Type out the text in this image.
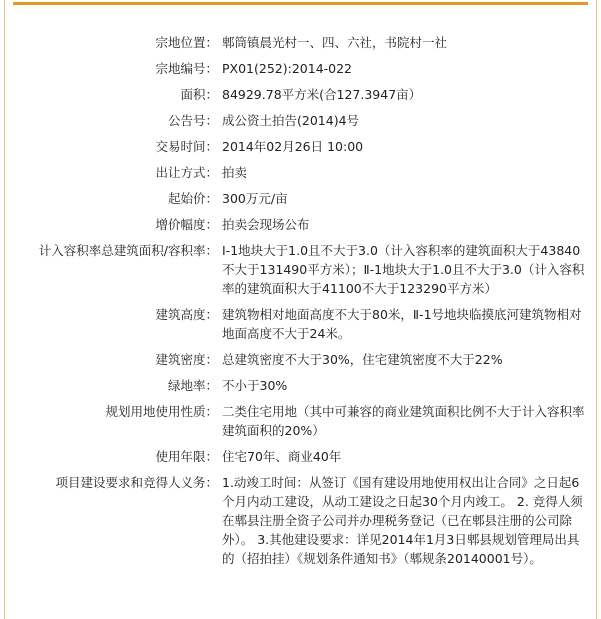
宗地位置：	郫筒镇晨光村一、四、六社，书院村一社
宗地编号：	PX01(252):2014-022
面积：	84929.78平方米(合127.3947亩）
公告号：	成公资土拍告(2014)4号
交易时间：	2014年02月26日 10:00
出让方式：	拍卖
起始价：	300万元/亩
增价幅度：	拍卖会现场公布
计入容积率总建筑面积/容积率：	Ⅰ-1地块大于1.0且不大于3.0（计入容积率的建筑面积大于43840不大于131490平方米）；Ⅱ-1地块大于1.0且不大于3.0（计入容积率的建筑面积大于41100不大于123290平方米）
建筑高度：	建筑物相对地面高度不大于80米，Ⅱ-1号地块临摸底河建筑物相对地面高度不大于24米。
建筑密度：	总建筑密度不大于30%，住宅建筑密度不大于22%
绿地率：	不小于30%
规划用地使用性质：	二类住宅用地（其中可兼容的商业建筑面积比例不大于计入容积率建筑面积的20%）
使用年限：	住宅70年、商业40年
项目建设要求和竞得人义务：	1.动竣工时间：从签订《国有建设用地使用权出让合同》之日起6个月内动工建设，从动工建设之日起30个月内竣工。 2. 竞得人须在郫县注册全资子公司并办理税务登记（已在郫县注册的公司除外）。 3.其他建设要求：详见2014年1月3日郫县规划管理局出具的（招拍挂）《规划条件通知书》（郫规条20140001号）。
